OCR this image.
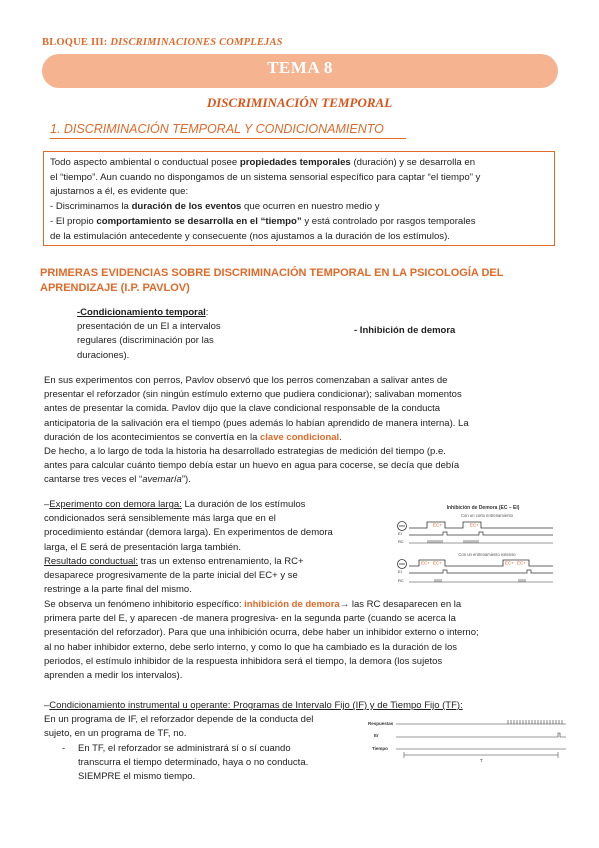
BLOQUE III: DISCRIMINACIONES COMPLEJAS
TEMA 8
DISCRIMINACIÓN TEMPORAL
1. DISCRIMINACIÓN TEMPORAL Y CONDICIONAMIENTO
Todo aspecto ambiental o conductual posee propiedades temporales (duración) y se desarrolla en
el “tiempo”. Aun cuando no dispongamos de un sistema sensorial específico para captar “el tiempo” y
ajustarnos a él, es evidente que:
- Discriminamos la duración de los eventos que ocurren en nuestro medio y
- El propio comportamiento se desarrolla en el “tiempo” y está controlado por rasgos temporales
de la estimulación antecedente y consecuente (nos ajustamos a la duración de los estímulos).
PRIMERAS EVIDENCIAS SOBRE DISCRIMINACIÓN TEMPORAL EN LA PSICOLOGÍA DEL APRENDIZAJE (I.P. PAVLOV)
-Condicionamiento temporal:
presentación de un EI a intervalos
regulares (discriminación por las
duraciones).
- Inhibición de demora
En sus experimentos con perros, Pavlov observó que los perros comenzaban a salivar antes de
presentar el reforzador (sin ningún estímulo externo que pudiera condicionar); salivaban momentos
antes de presentar la comida. Pavlov dijo que la clave condicional responsable de la conducta
anticipatoria de la salivación era el tiempo (pues además lo habían aprendido de manera interna). La
duración de los acontecimientos se convertía en la clave condicional.
De hecho, a lo largo de toda la historia ha desarrollado estrategias de medición del tiempo (p.e.
antes para calcular cuánto tiempo debía estar un huevo en agua para cocerse, se decía que debía
cantarse tres veces el “avemaría”).
–Experimento con demora larga: La duración de los estímulos
condicionados será sensiblemente más larga que en el
procedimiento estándar (demora larga). En experimentos de demora
larga, el E será de presentación larga también.
Resultado conductual: tras un extenso entrenamiento, la RC+
desaparece progresivamente de la parte inicial del EC+ y se
restringe a la parte final del mismo.
Se observa un fenómeno inhibitorio específico: inhibición de demora→ las RC desaparecen en la
primera parte del E, y aparecen -de manera progresiva- en la segunda parte (cuando se acerca la
presentación del reforzador). Para que una inhibición ocurra, debe haber un inhibidor externo o interno;
al no haber inhibidor externo, debe serlo interno, y como lo que ha cambiado es la duración de los
periodos, el estímulo inhibidor de la respuesta inhibidora será el tiempo, la demora (los sujetos
aprenden a medir los intervalos).
Inhibición de Demora (EC – EI)
Con un corto entrenamiento
EC+	EC+
EI
RC
Con un entrenamiento extenso
EC+ EC+	EC+ EC+
EI
RC
–Condicionamiento instrumental u operante: Programas de Intervalo Fijo (IF) y de Tiempo Fijo (TF):
En un programa de IF, el reforzador depende de la conducta del
sujeto, en un programa de TF, no.
- En TF, el reforzador se administrará sí o sí cuando
transcurra el tiempo determinado, haya o no conducta.
SIEMPRE el mismo tiempo.
Respuestas
Er
Tiempo
T
